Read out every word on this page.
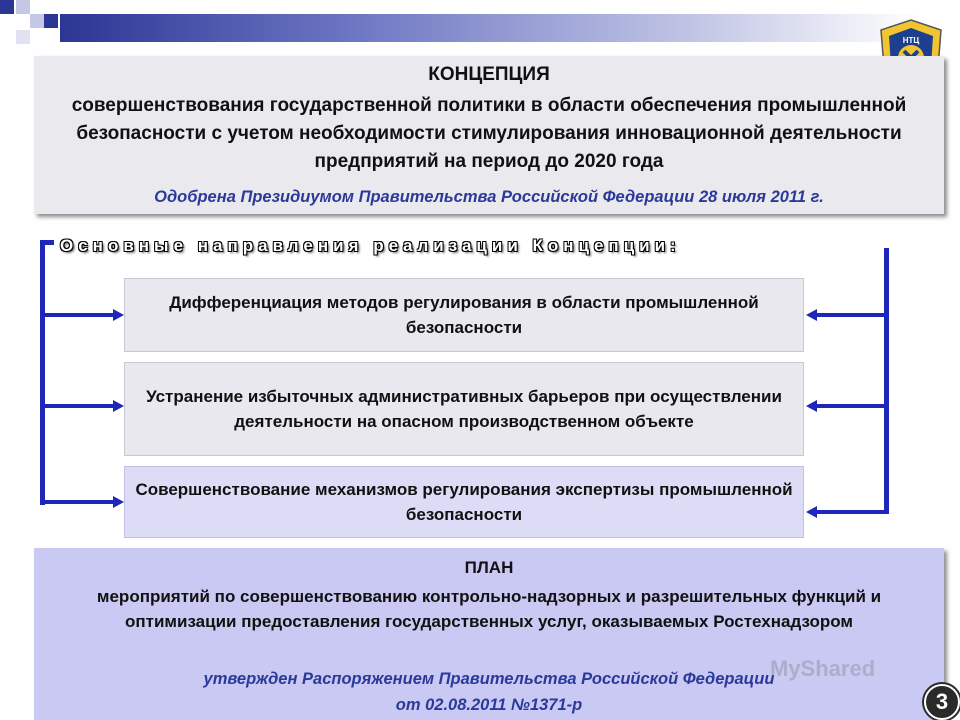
НТЦ
КОНЦЕПЦИЯ
совершенствования государственной политики в области обеспечения промышленной безопасности с учетом необходимости стимулирования инновационной деятельности предприятий на период до 2020 года
Одобрена Президиумом Правительства Российской Федерации 28 июля 2011 г.
Основные направления реализации Концепции:
Дифференциация методов регулирования в области промышленной безопасности
Устранение избыточных административных барьеров при осуществлении деятельности на опасном производственном объекте
Совершенствование механизмов регулирования экспертизы промышленной безопасности
ПЛАН
мероприятий по совершенствованию контрольно-надзорных и разрешительных функций и оптимизации предоставления государственных услуг, оказываемых Ростехнадзором
утвержден Распоряжением Правительства Российской Федерации
от 02.08.2011 №1371-р
MyShared
3
